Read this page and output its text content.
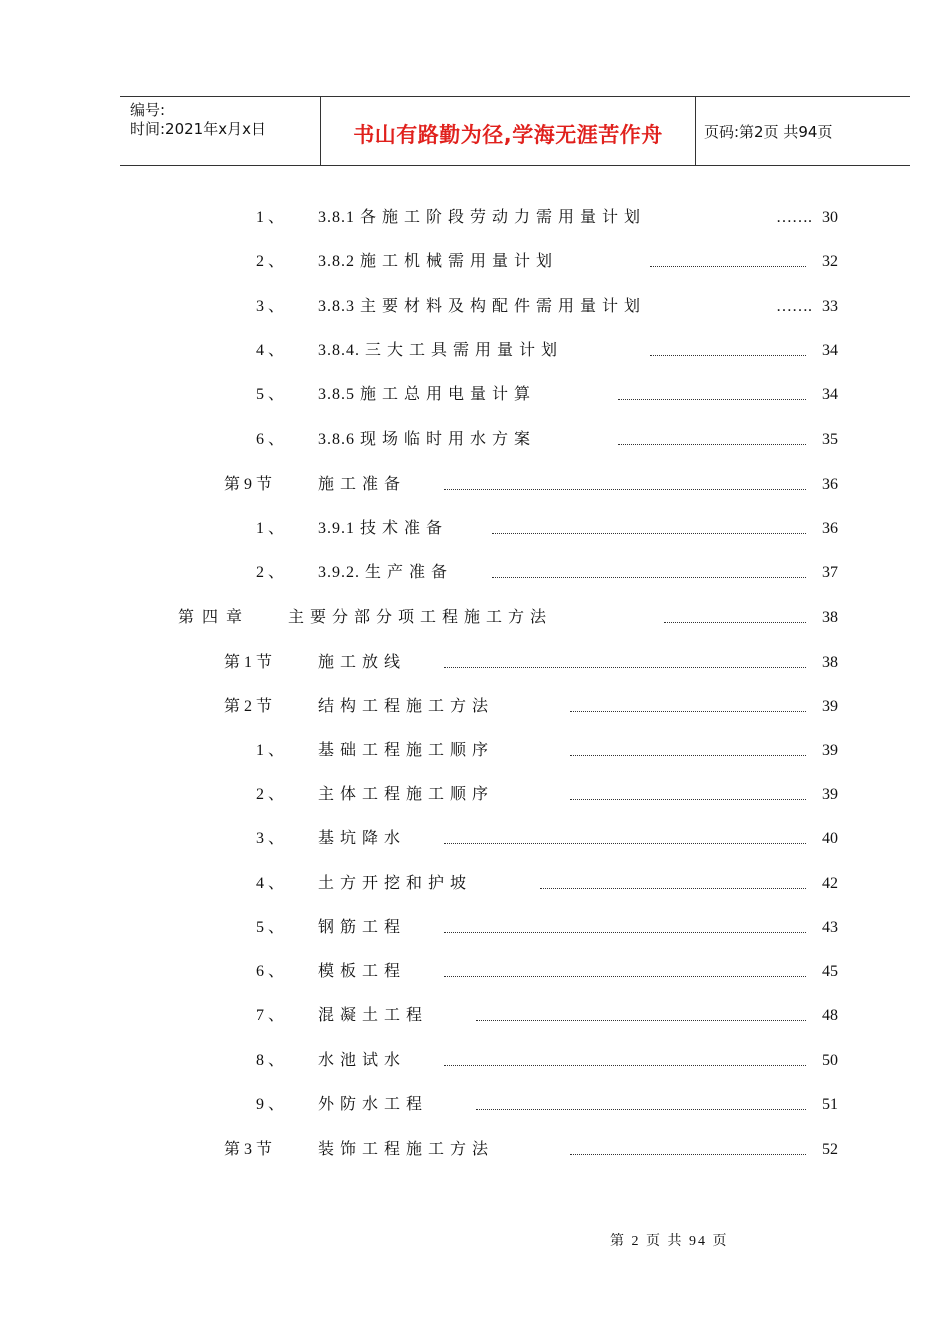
编号:
时间:2021年x月x日	书山有路勤为径,学海无涯苦作舟	页码:第2页 共94页
1 、 3.8.1 各 施 工 阶 段 劳 动 力 需 用 量 计 划	……. 30
2 、 3.8.2 施 工 机 械 需 用 量 计 划	32
3 、 3.8.3 主 要 材 料 及 构 配 件 需 用 量 计 划	……. 33
4 、 3.8.4. 三 大 工 具 需 用 量 计 划	34
5 、 3.8.5 施 工 总 用 电 量 计 算	34
6 、 3.8.6 现 场 临 时 用 水 方 案	35
第 9 节	施 工 准 备	36
1 、 3.9.1 技 术 准 备	36
2 、 3.9.2. 生 产 准 备	37
第 四 章	主 要 分 部 分 项 工 程 施 工 方 法	38
第 1 节	施 工 放 线	38
第 2 节	结 构 工 程 施 工 方 法	39
1 、 基 础 工 程 施 工 顺 序	39
2 、 主 体 工 程 施 工 顺 序	39
3 、 基 坑 降 水	40
4 、 土 方 开 挖 和 护 坡	42
5 、 钢 筋 工 程	43
6 、 模 板 工 程	45
7 、 混 凝 土 工 程	48
8 、 水 池 试 水	50
9 、 外 防 水 工 程	51
第 3 节	装 饰 工 程 施 工 方 法	52
第 2 页 共 94 页
